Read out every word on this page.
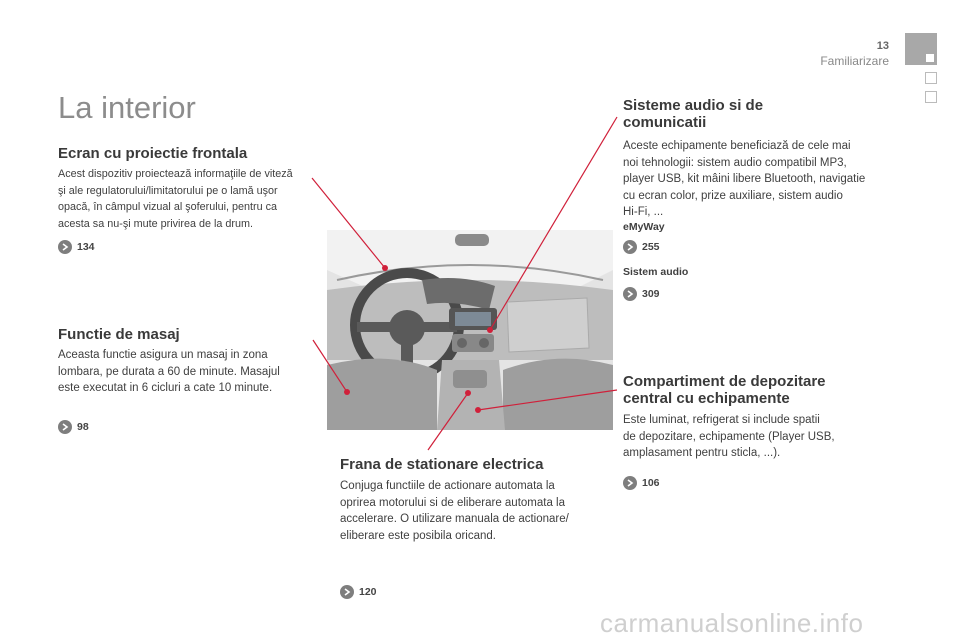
13
Familiarizare
La interior
Ecran cu proiectie frontala
Acest dispozitiv proiectează informaţiile de viteză
şi ale regulatorului/limitatorului pe o lamă uşor
opacă, în câmpul vizual al şoferului, pentru ca
acesta sa nu-şi mute privirea de la drum.
134
Functie de masaj
Aceasta functie asigura un masaj in zona
lombara, pe durata a 60 de minute. Masajul
este executat in 6 cicluri a cate 10 minute.
98
Sisteme audio si de
comunicatii
Aceste echipamente beneficiază de cele mai
noi tehnologii: sistem audio compatibil MP3,
player USB, kit mâini libere Bluetooth, navigatie
cu ecran color, prize auxiliare, sistem audio
Hi-Fi, ...
eMyWay
255
Sistem audio
309
Compartiment de depozitare
central cu echipamente
Este luminat, refrigerat si include spatii
de depozitare, echipamente (Player USB,
amplasament pentru sticla, ...).
106
Frana de stationare electrica
Conjuga functiile de actionare automata la
oprirea motorului si de eliberare automata la
accelerare. O utilizare manuala de actionare/
eliberare este posibila oricand.
120
carmanualsonline.info
